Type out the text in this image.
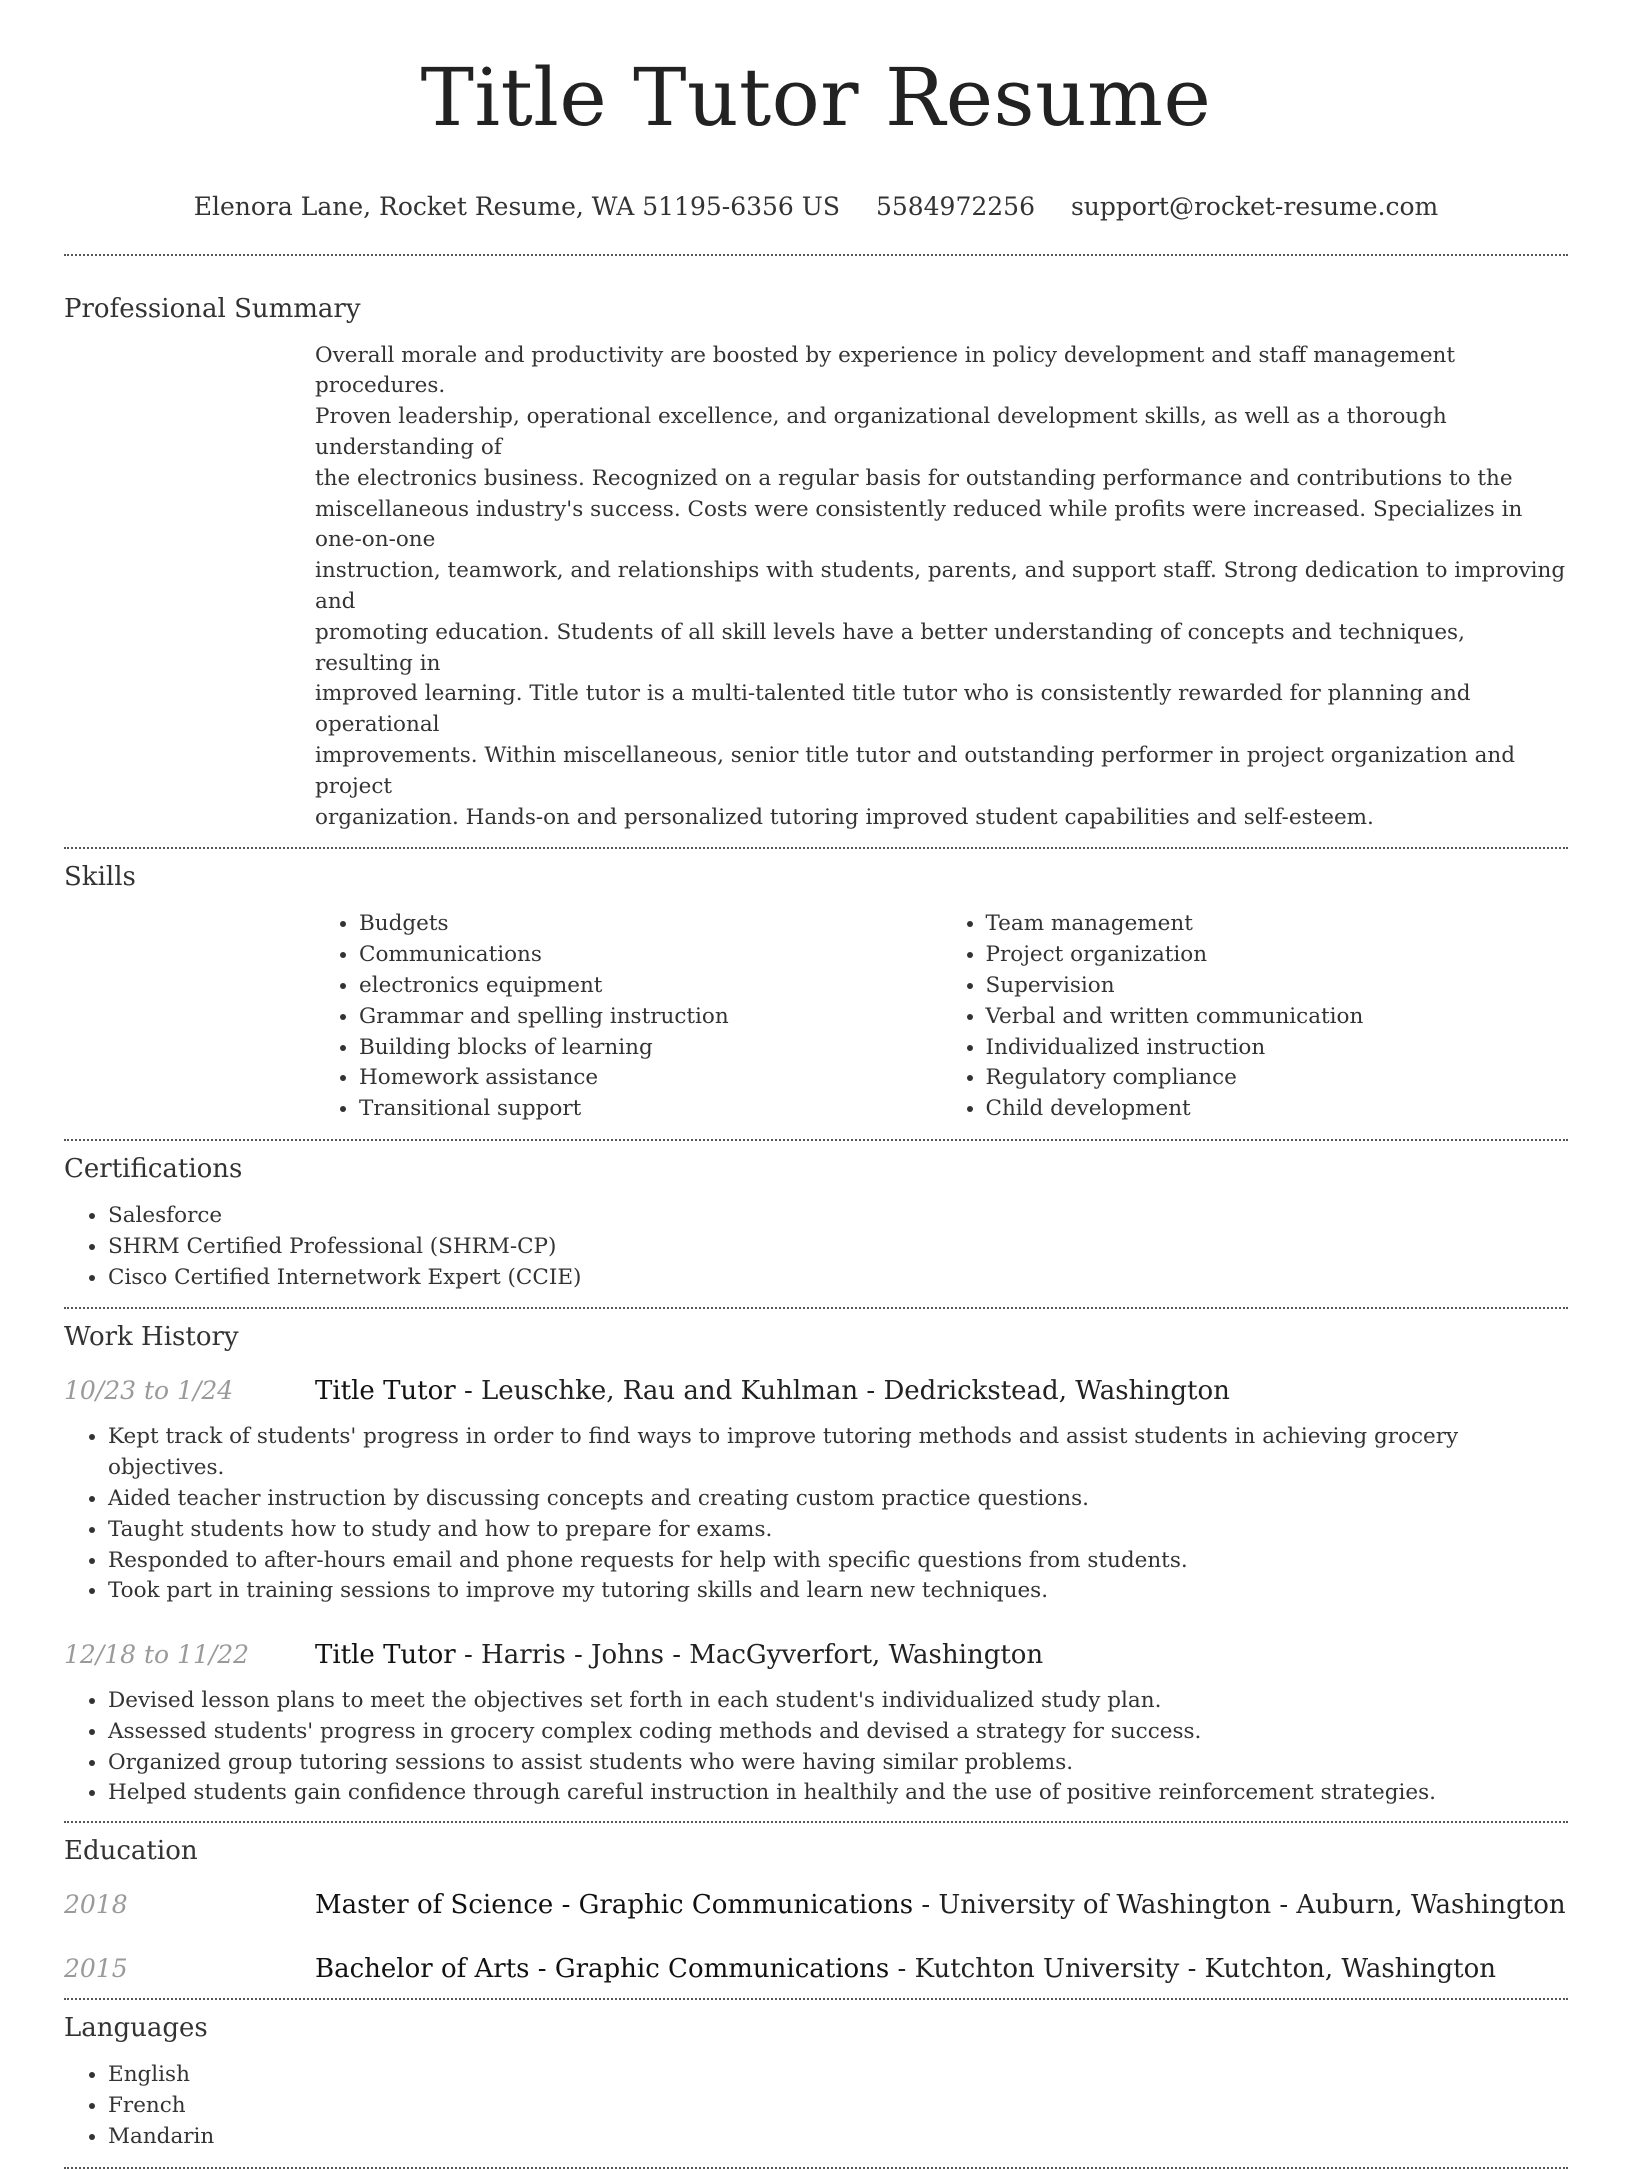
Title Tutor Resume
Elenora Lane, Rocket Resume, WA 51195-6356 US 5584972256 support@rocket-resume.com
Professional Summary
Overall morale and productivity are boosted by experience in policy development and staff management procedures.
Proven leadership, operational excellence, and organizational development skills, as well as a thorough understanding of
the electronics business. Recognized on a regular basis for outstanding performance and contributions to the
miscellaneous industry's success. Costs were consistently reduced while profits were increased. Specializes in one-on-one
instruction, teamwork, and relationships with students, parents, and support staff. Strong dedication to improving and
promoting education. Students of all skill levels have a better understanding of concepts and techniques, resulting in
improved learning. Title tutor is a multi-talented title tutor who is consistently rewarded for planning and operational
improvements. Within miscellaneous, senior title tutor and outstanding performer in project organization and project
organization. Hands-on and personalized tutoring improved student capabilities and self-esteem.
Skills
• Budgets
• Communications
• electronics equipment
• Grammar and spelling instruction
• Building blocks of learning
• Homework assistance
• Transitional support
• Team management
• Project organization
• Supervision
• Verbal and written communication
• Individualized instruction
• Regulatory compliance
• Child development
Certifications
• Salesforce
• SHRM Certified Professional (SHRM-CP)
• Cisco Certified Internetwork Expert (CCIE)
Work History
10/23 to 1/24	Title Tutor - Leuschke, Rau and Kuhlman - Dedrickstead, Washington
• Kept track of students' progress in order to find ways to improve tutoring methods and assist students in achieving grocery objectives.
• Aided teacher instruction by discussing concepts and creating custom practice questions.
• Taught students how to study and how to prepare for exams.
• Responded to after-hours email and phone requests for help with specific questions from students.
• Took part in training sessions to improve my tutoring skills and learn new techniques.
12/18 to 11/22	Title Tutor - Harris - Johns - MacGyverfort, Washington
• Devised lesson plans to meet the objectives set forth in each student's individualized study plan.
• Assessed students' progress in grocery complex coding methods and devised a strategy for success.
• Organized group tutoring sessions to assist students who were having similar problems.
• Helped students gain confidence through careful instruction in healthily and the use of positive reinforcement strategies.
Education
2018	Master of Science - Graphic Communications - University of Washington - Auburn, Washington
2015	Bachelor of Arts - Graphic Communications - Kutchton University - Kutchton, Washington
Languages
• English
• French
• Mandarin
